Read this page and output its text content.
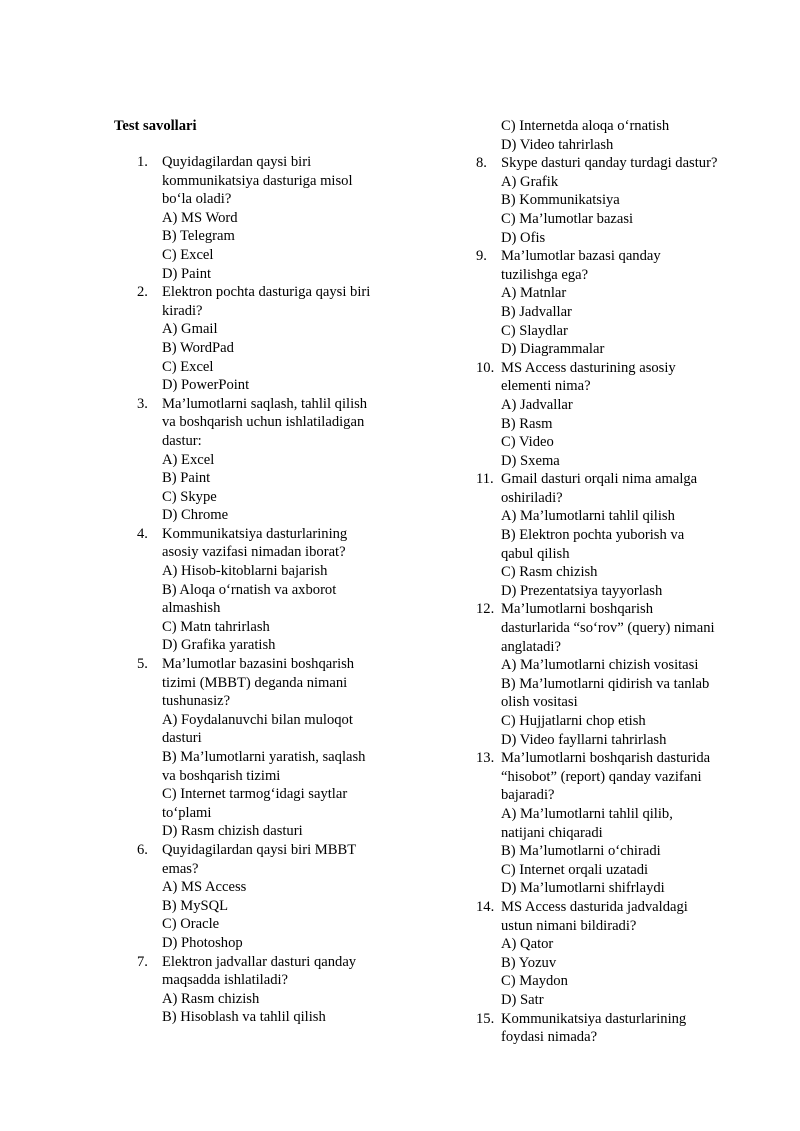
Test savollari
1. Quyidagilardan qaysi biri
kommunikatsiya dasturiga misol
bo‘la oladi?
A) MS Word
B) Telegram
C) Excel
D) Paint
2. Elektron pochta dasturiga qaysi biri
kiradi?
A) Gmail
B) WordPad
C) Excel
D) PowerPoint
3. Ma’lumotlarni saqlash, tahlil qilish
va boshqarish uchun ishlatiladigan
dastur:
A) Excel
B) Paint
C) Skype
D) Chrome
4. Kommunikatsiya dasturlarining
asosiy vazifasi nimadan iborat?
A) Hisob-kitoblarni bajarish
B) Aloqa o‘rnatish va axborot
almashish
C) Matn tahrirlash
D) Grafika yaratish
5. Ma’lumotlar bazasini boshqarish
tizimi (MBBT) deganda nimani
tushunasiz?
A) Foydalanuvchi bilan muloqot
dasturi
B) Ma’lumotlarni yaratish, saqlash
va boshqarish tizimi
C) Internet tarmog‘idagi saytlar
to‘plami
D) Rasm chizish dasturi
6. Quyidagilardan qaysi biri MBBT
emas?
A) MS Access
B) MySQL
C) Oracle
D) Photoshop
7. Elektron jadvallar dasturi qanday
maqsadda ishlatiladi?
A) Rasm chizish
B) Hisoblash va tahlil qilish
C) Internetda aloqa o‘rnatish
D) Video tahrirlash
8. Skype dasturi qanday turdagi dastur?
A) Grafik
B) Kommunikatsiya
C) Ma’lumotlar bazasi
D) Ofis
9. Ma’lumotlar bazasi qanday
tuzilishga ega?
A) Matnlar
B) Jadvallar
C) Slaydlar
D) Diagrammalar
10. MS Access dasturining asosiy
elementi nima?
A) Jadvallar
B) Rasm
C) Video
D) Sxema
11. Gmail dasturi orqali nima amalga
oshiriladi?
A) Ma’lumotlarni tahlil qilish
B) Elektron pochta yuborish va
qabul qilish
C) Rasm chizish
D) Prezentatsiya tayyorlash
12. Ma’lumotlarni boshqarish
dasturlarida “so‘rov” (query) nimani
anglatadi?
A) Ma’lumotlarni chizish vositasi
B) Ma’lumotlarni qidirish va tanlab
olish vositasi
C) Hujjatlarni chop etish
D) Video fayllarni tahrirlash
13. Ma’lumotlarni boshqarish dasturida
“hisobot” (report) qanday vazifani
bajaradi?
A) Ma’lumotlarni tahlil qilib,
natijani chiqaradi
B) Ma’lumotlarni o‘chiradi
C) Internet orqali uzatadi
D) Ma’lumotlarni shifrlaydi
14. MS Access dasturida jadvaldagi
ustun nimani bildiradi?
A) Qator
B) Yozuv
C) Maydon
D) Satr
15. Kommunikatsiya dasturlarining
foydasi nimada?
